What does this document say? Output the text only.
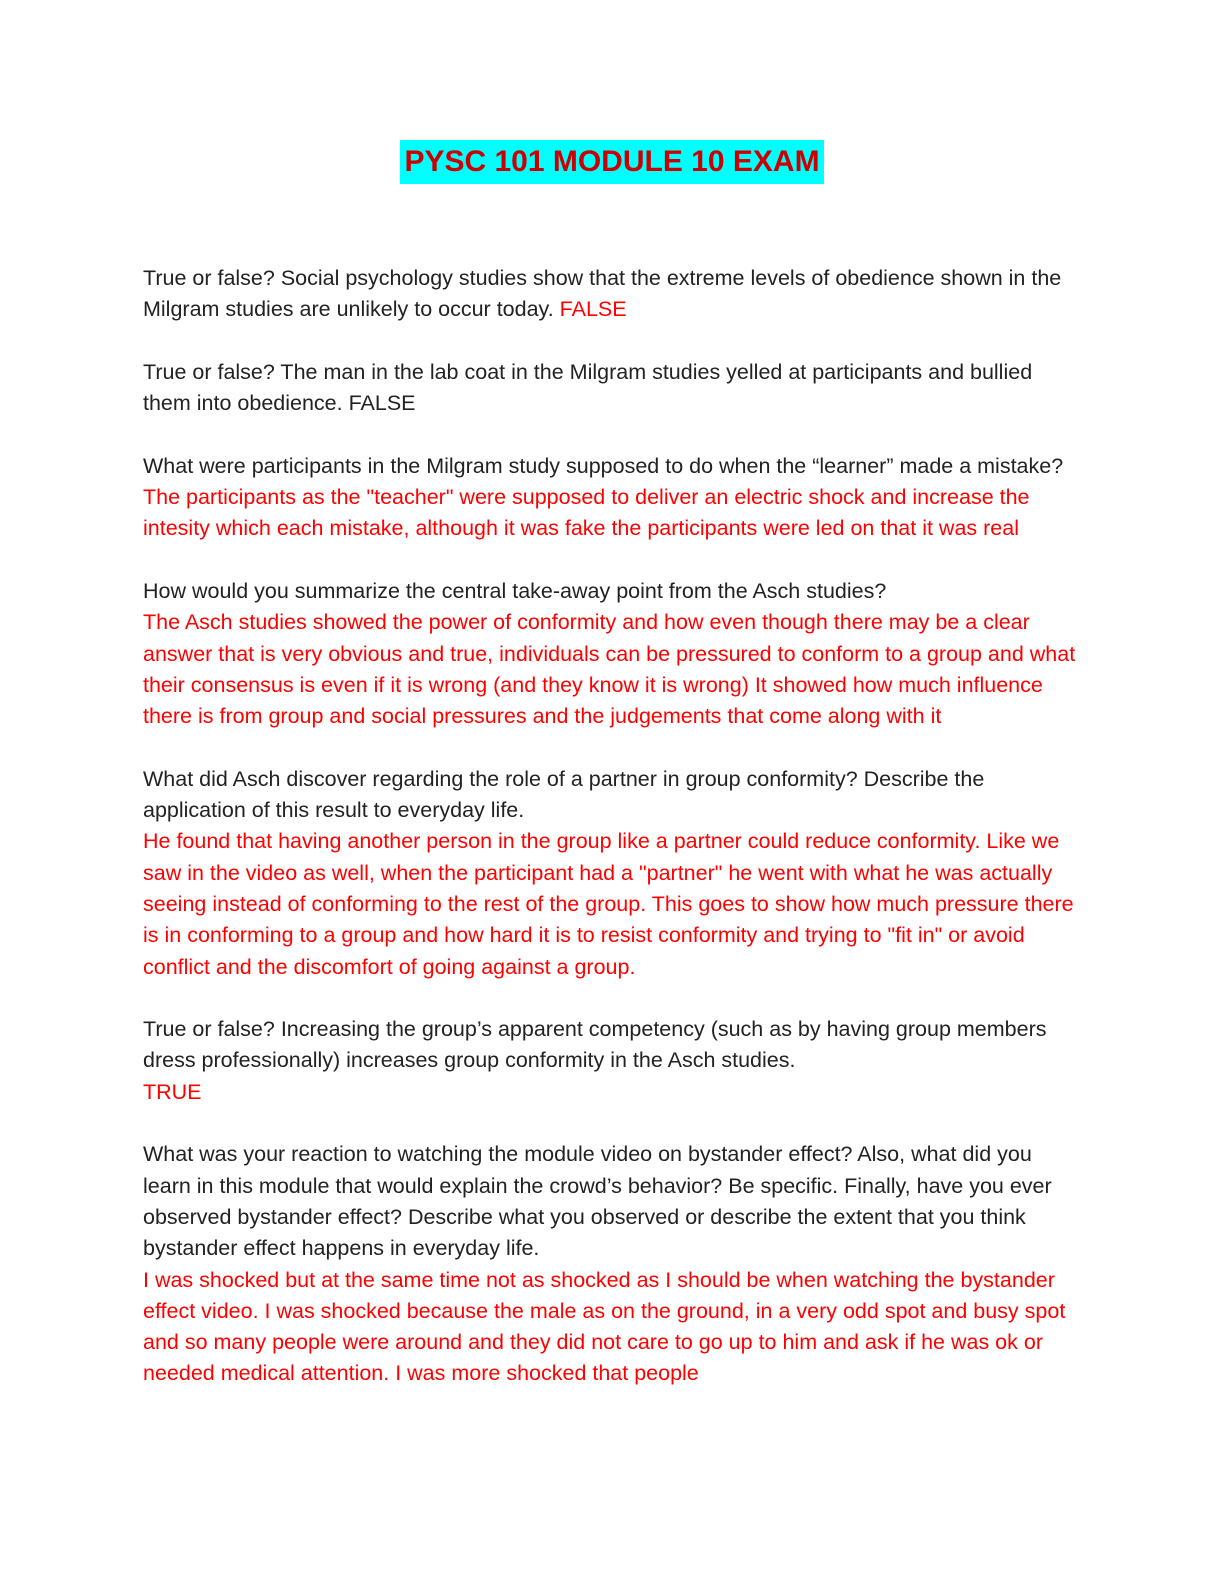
PYSC 101 MODULE 10 EXAM

True or false? Social psychology studies show that the extreme levels of obedience shown in the Milgram studies are unlikely to occur today. FALSE

True or false? The man in the lab coat in the Milgram studies yelled at participants and bullied them into obedience. FALSE

What were participants in the Milgram study supposed to do when the “learner” made a mistake?The participants as the "teacher" were supposed to deliver an electric shock and increase the intesity which each mistake, although it was fake the participants were led on that it was real

How would you summarize the central take-away point from the Asch studies?
The Asch studies showed the power of conformity and how even though there may be a clear answer that is very obvious and true, individuals can be pressured to conform to a group and what their consensus is even if it is wrong (and they know it is wrong) It showed how much influence there is from group and social pressures and the judgements that come along with it

What did Asch discover regarding the role of a partner in group conformity? Describe the application of this result to everyday life.
He found that having another person in the group like a partner could reduce conformity. Like we saw in the video as well, when the participant had a "partner" he went with what he was actually seeing instead of conforming to the rest of the group. This goes to show how much pressure there is in conforming to a group and how hard it is to resist conformity and trying to "fit in" or avoid conflict and the discomfort of going against a group.

True or false? Increasing the group’s apparent competency (such as by having group members dress professionally) increases group conformity in the Asch studies.
TRUE

What was your reaction to watching the module video on bystander effect? Also, what did you learn in this module that would explain the crowd’s behavior? Be specific. Finally, have you ever observed bystander effect? Describe what you observed or describe the extent that you think bystander effect happens in everyday life.
I was shocked but at the same time not as shocked as I should be when watching the bystander effect video. I was shocked because the male as on the ground, in a very odd spot and busy spot and so many people were around and they did not care to go up to him and ask if he was ok or needed medical attention. I was more shocked that people
